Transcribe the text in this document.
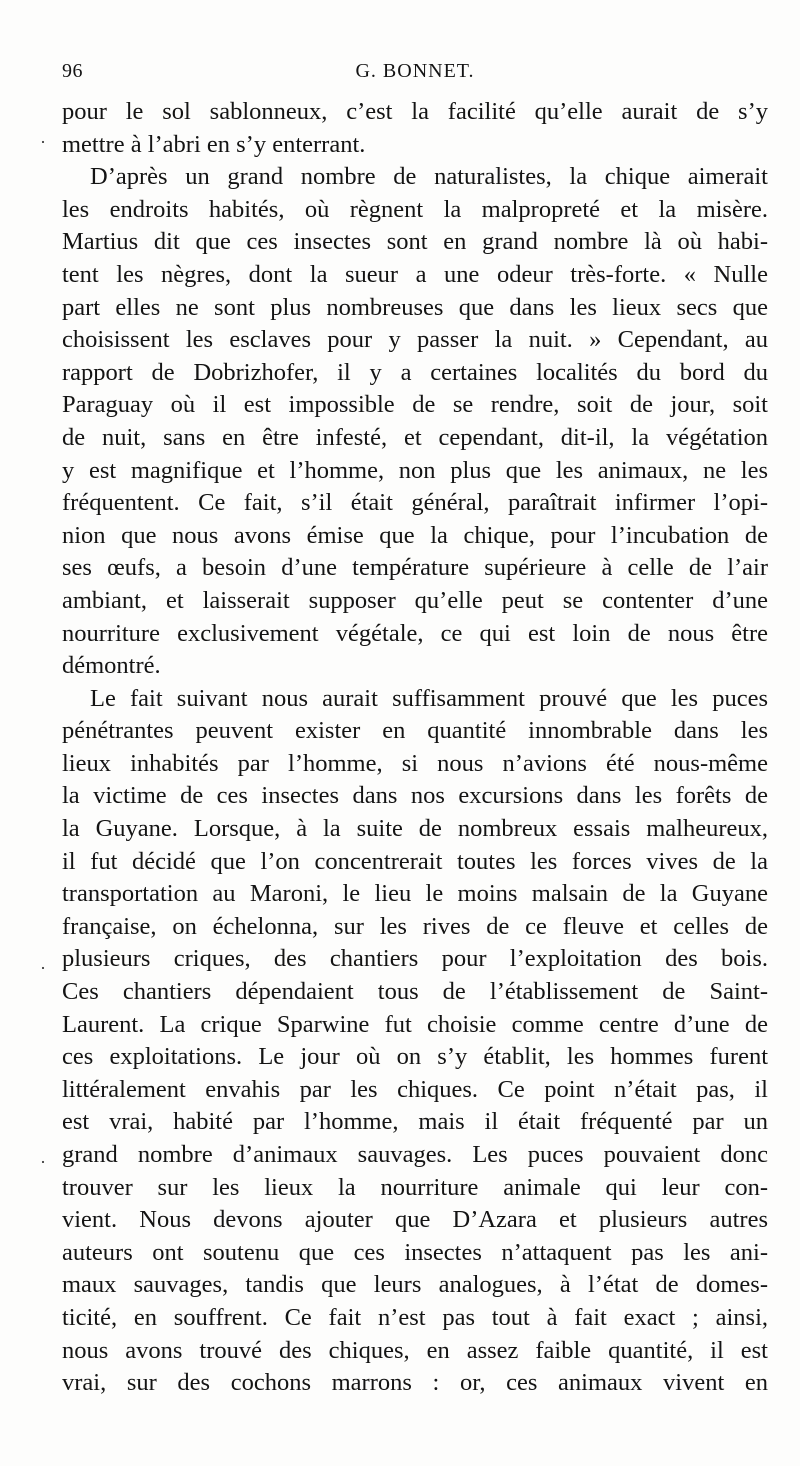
96	G. BONNET.
·
·
·
pour le sol sablonneux, c’est la facilité qu’elle aurait de s’y
mettre à l’abri en s’y enterrant.
D’après un grand nombre de naturalistes, la chique aimerait
les endroits habités, où règnent la malpropreté et la misère.
Martius dit que ces insectes sont en grand nombre là où habi-
tent les nègres, dont la sueur a une odeur très-forte. « Nulle
part elles ne sont plus nombreuses que dans les lieux secs que
choisissent les esclaves pour y passer la nuit. » Cependant, au
rapport de Dobrizhofer, il y a certaines localités du bord du
Paraguay où il est impossible de se rendre, soit de jour, soit
de nuit, sans en être infesté, et cependant, dit-il, la végétation
y est magnifique et l’homme, non plus que les animaux, ne les
fréquentent. Ce fait, s’il était général, paraîtrait infirmer l’opi-
nion que nous avons émise que la chique, pour l’incubation de
ses œufs, a besoin d’une température supérieure à celle de l’air
ambiant, et laisserait supposer qu’elle peut se contenter d’une
nourriture exclusivement végétale, ce qui est loin de nous être
démontré.
Le fait suivant nous aurait suffisamment prouvé que les puces
pénétrantes peuvent exister en quantité innombrable dans les
lieux inhabités par l’homme, si nous n’avions été nous-même
la victime de ces insectes dans nos excursions dans les forêts de
la Guyane. Lorsque, à la suite de nombreux essais malheureux,
il fut décidé que l’on concentrerait toutes les forces vives de la
transportation au Maroni, le lieu le moins malsain de la Guyane
française, on échelonna, sur les rives de ce fleuve et celles de
plusieurs criques, des chantiers pour l’exploitation des bois.
Ces chantiers dépendaient tous de l’établissement de Saint-
Laurent. La crique Sparwine fut choisie comme centre d’une de
ces exploitations. Le jour où on s’y établit, les hommes furent
littéralement envahis par les chiques. Ce point n’était pas, il
est vrai, habité par l’homme, mais il était fréquenté par un
grand nombre d’animaux sauvages. Les puces pouvaient donc
trouver sur les lieux la nourriture animale qui leur con-
vient. Nous devons ajouter que D’Azara et plusieurs autres
auteurs ont soutenu que ces insectes n’attaquent pas les ani-
maux sauvages, tandis que leurs analogues, à l’état de domes-
ticité, en souffrent. Ce fait n’est pas tout à fait exact ; ainsi,
nous avons trouvé des chiques, en assez faible quantité, il est
vrai, sur des cochons marrons : or, ces animaux vivent en
